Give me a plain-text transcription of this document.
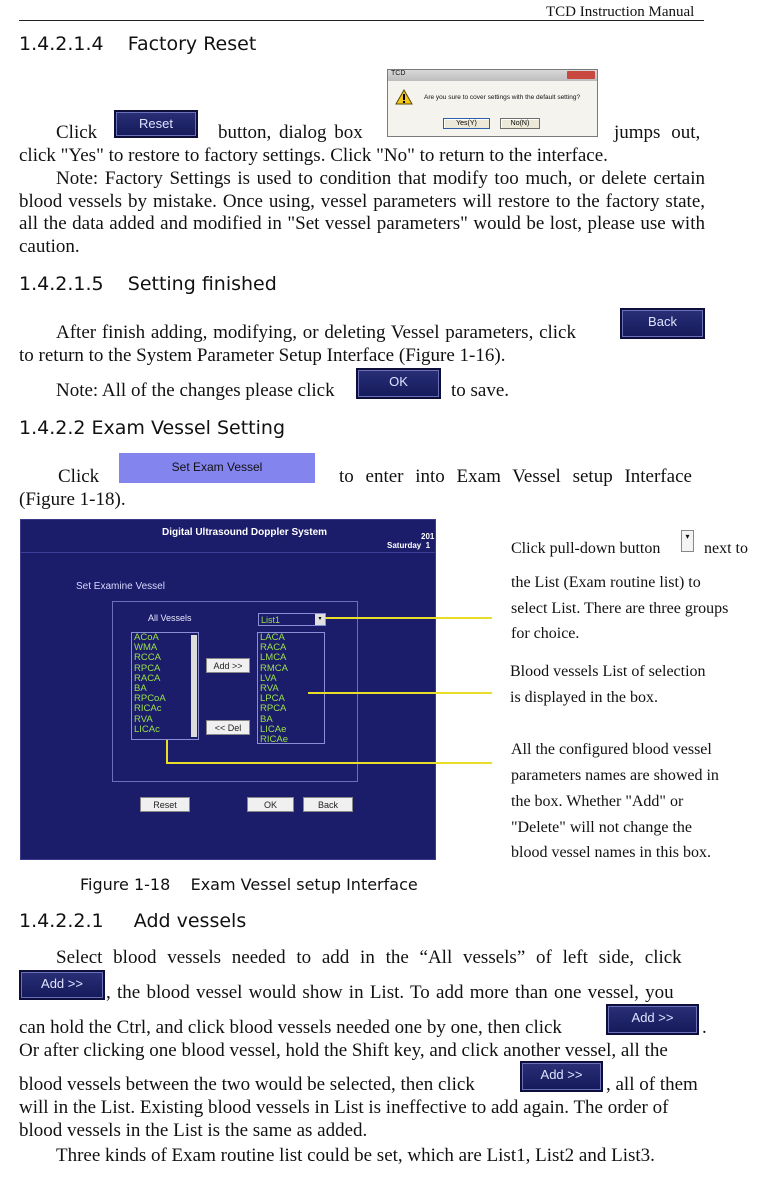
TCD Instruction Manual
1.4.2.1.4    Factory Reset
TCD
Are you sure to cover settings with the default setting?
Yes(Y)	No(N)
Click	Reset	button, dialog box	jumps out,
click "Yes" to restore to factory settings. Click "No" to return to the interface.
Note: Factory Settings is used to condition that modify too much, or delete certain blood vessels by mistake. Once using, vessel parameters will restore to the factory state, all the data added and modified in "Set vessel parameters" would be lost, please use with caution.
1.4.2.1.5    Setting finished
After finish adding, modifying, or deleting Vessel parameters, click
Back
to return to the System Parameter Setup Interface (Figure 1-16).
Note: All of the changes please click	OK	to save.
1.4.2.2 Exam Vessel Setting
Click	Set Exam Vessel	to enter into Exam Vessel setup Interface
(Figure 1-18).
Digital Ultrasound Doppler System	201
Saturday  1
Set Examine Vessel
All Vessels	List1	▾
ACoA
WMA
RCCA
RPCA
RACA
BA
RPCoA
RICAc
RVA
LICAc
LACA
RACA
LMCA
RMCA
LVA
RVA
LPCA
RPCA
BA
LICAe
RICAe
Add >>
<< Del
Reset	OK	Back
Click pull-down button
▾
next to
the List (Exam routine list) to
select List. There are three groups
for choice.
Blood vessels List of selection
is displayed in the box.
All the configured blood vessel
parameters names are showed in
the box. Whether "Add" or
"Delete" will not change the
blood vessel names in this box.
Figure 1-18    Exam Vessel setup Interface
1.4.2.2.1     Add vessels
Select blood vessels needed to add in the “All vessels” of left side, click
Add >>	, the blood vessel would show in List. To add more than one vessel, you
can hold the Ctrl, and click blood vessels needed one by one, then click	Add >>	.
Or after clicking one blood vessel, hold the Shift key, and click another vessel, all the
blood vessels between the two would be selected, then click	Add >>	, all of them
will in the List. Existing blood vessels in List is ineffective to add again. The order of
blood vessels in the List is the same as added.
Three kinds of Exam routine list could be set, which are List1, List2 and List3.
